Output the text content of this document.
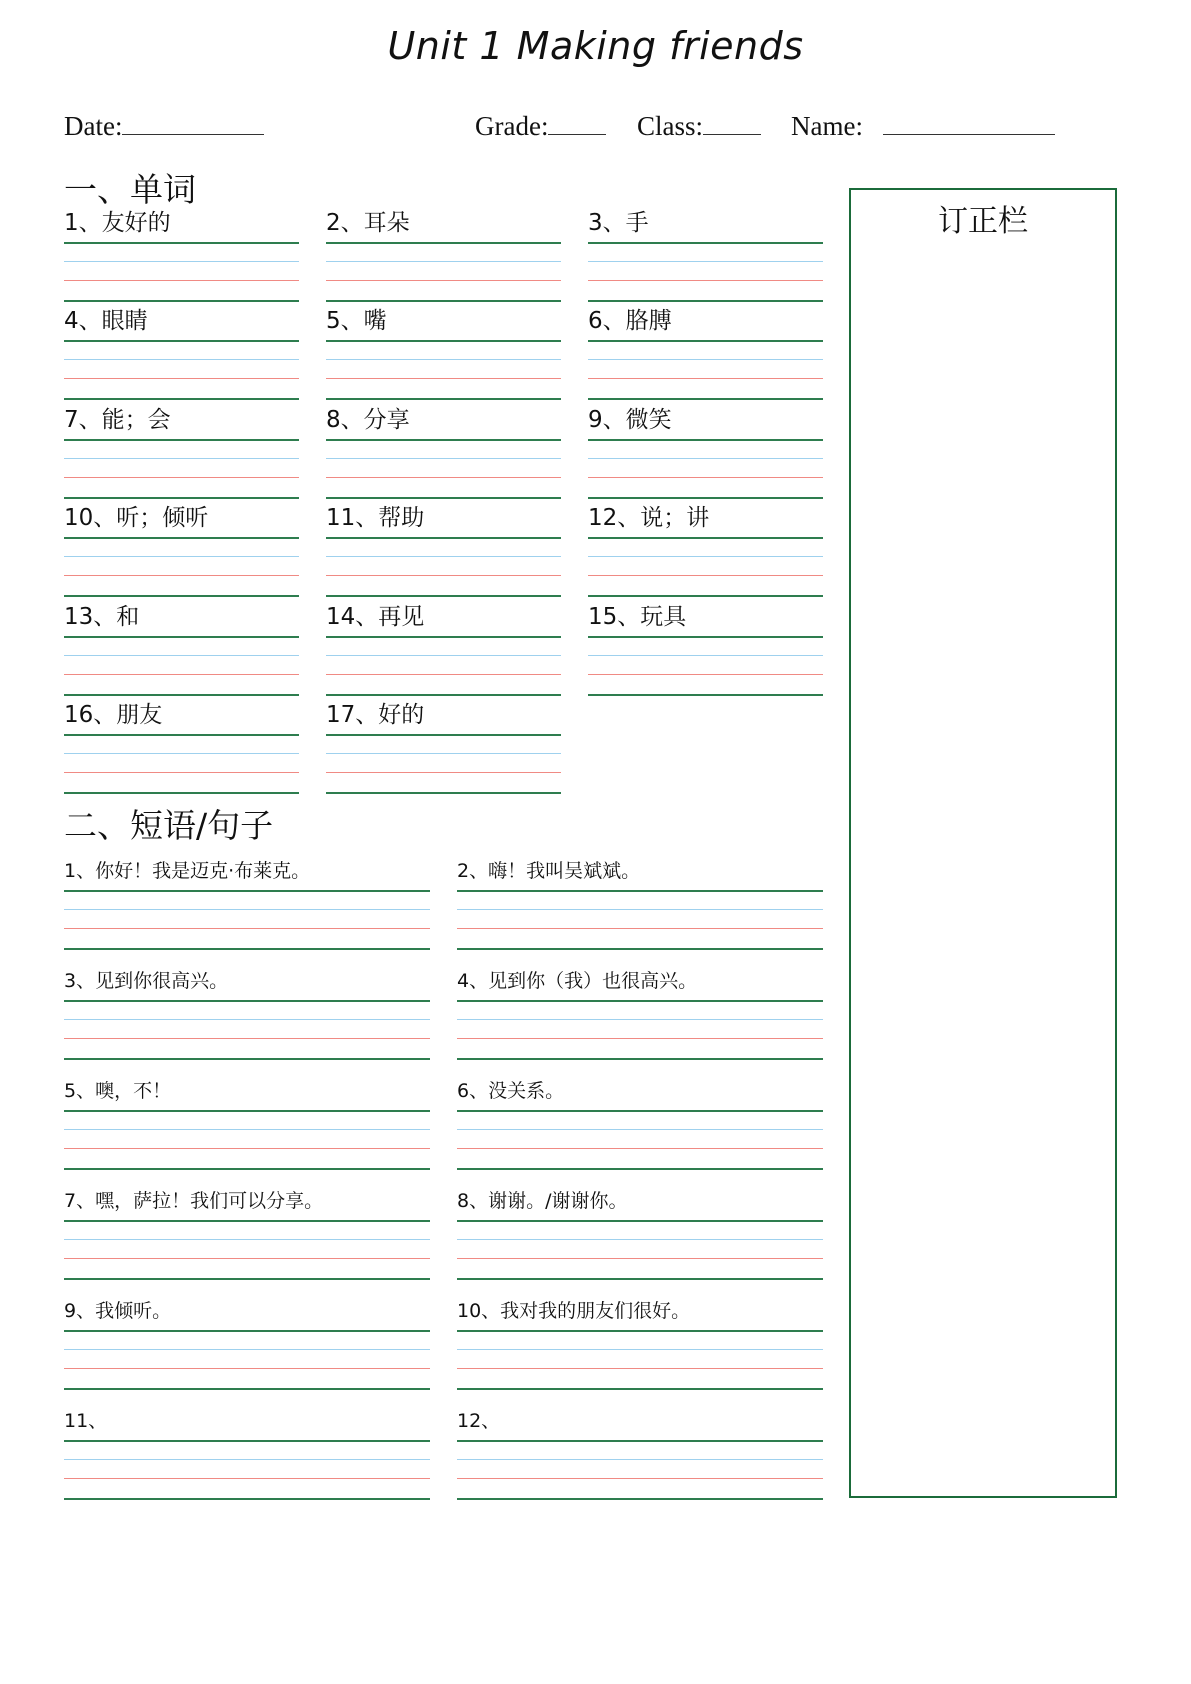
Unit 1 Making friends
Date:	Grade:	Class:	Name:
一、单词
1、友好的	2、耳朵	3、手
4、眼睛	5、嘴	6、胳膊
7、能；会	8、分享	9、微笑
10、听；倾听	11、帮助	12、说；讲
13、和	14、再见	15、玩具
16、朋友	17、好的
二、短语/句子
1、你好！我是迈克·布莱克。	2、嗨！我叫吴斌斌。
3、见到你很高兴。	4、见到你（我）也很高兴。
5、噢，不！	6、没关系。
7、嘿，萨拉！我们可以分享。	8、谢谢。/谢谢你。
9、我倾听。	10、我对我的朋友们很好。
11、	12、
订正栏
